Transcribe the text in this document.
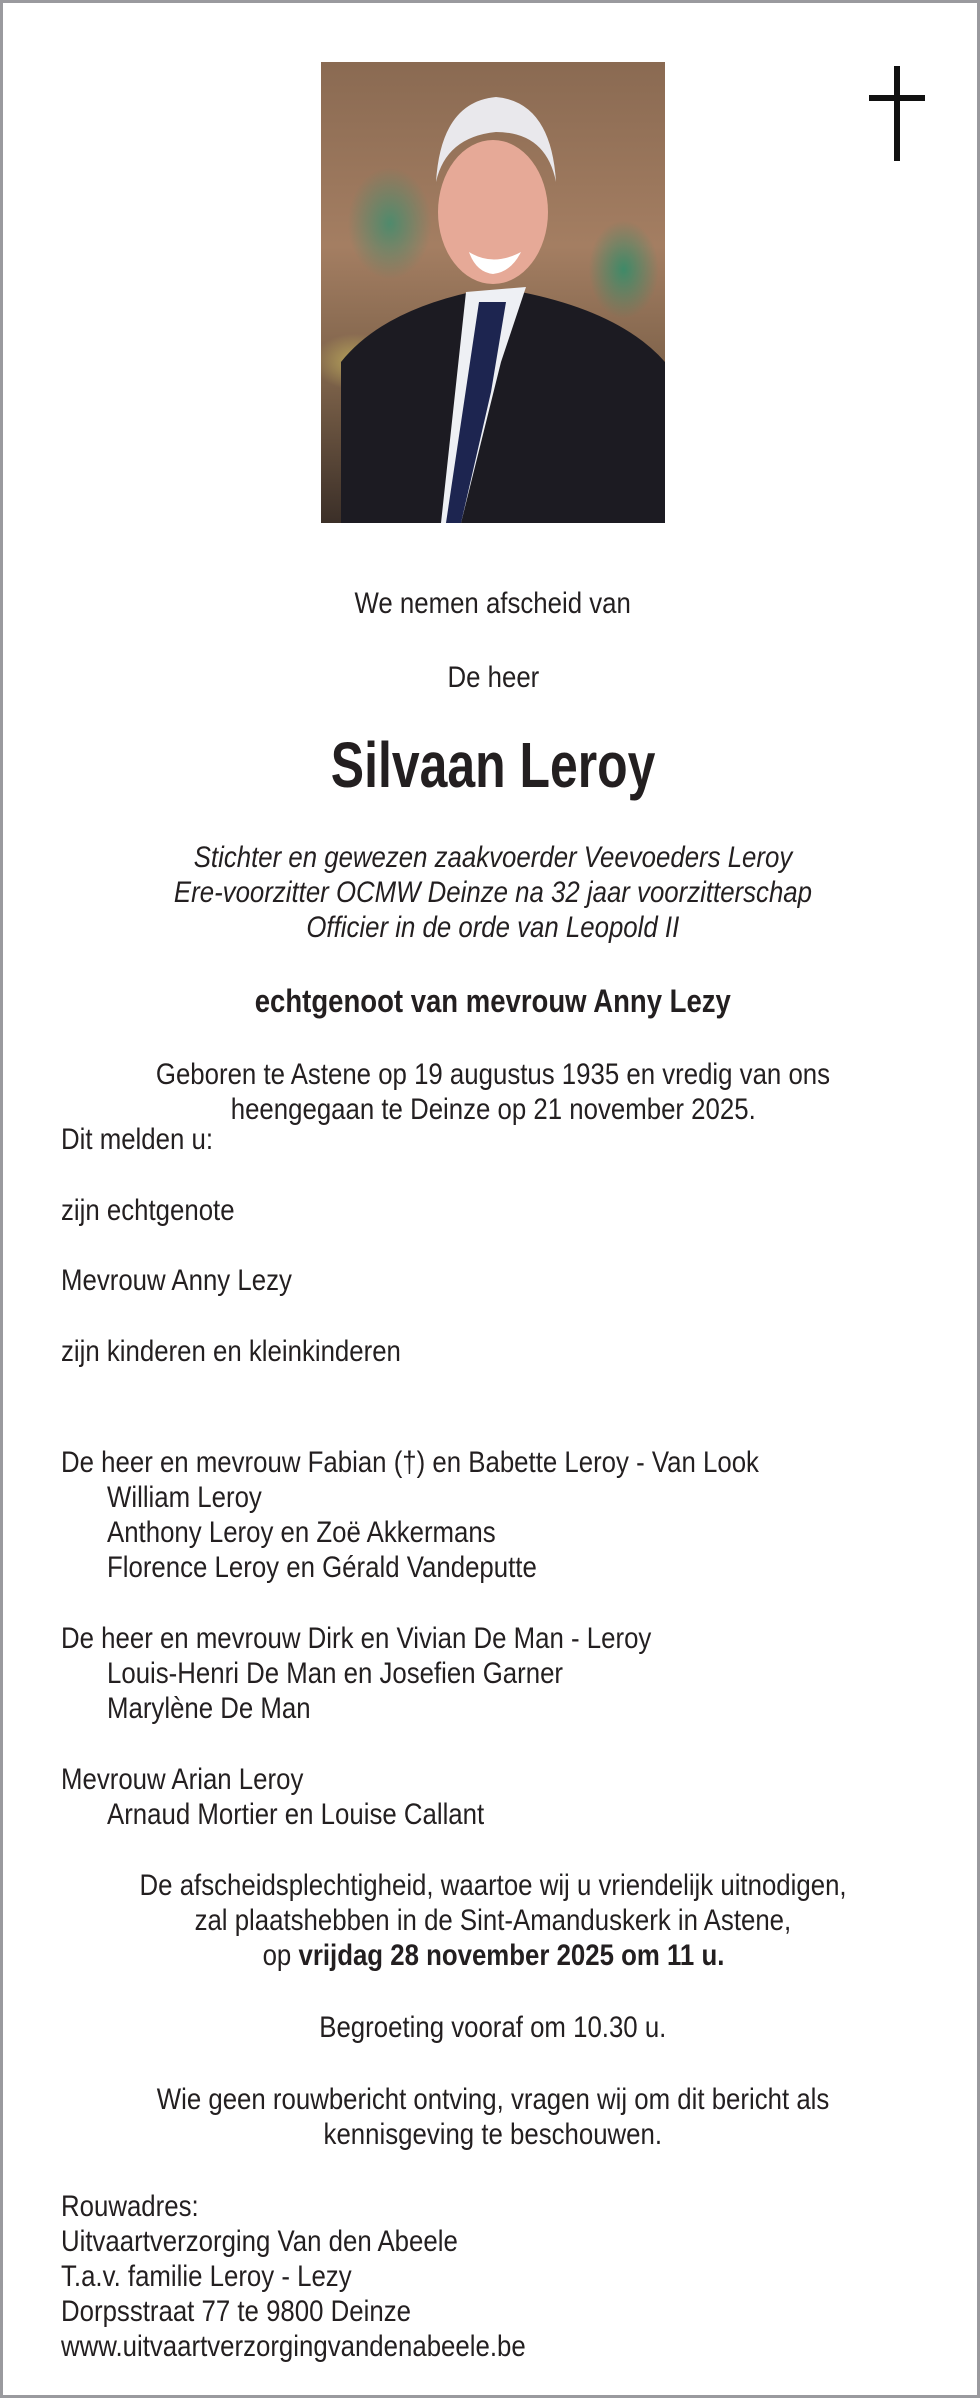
We nemen afscheid van
De heer
Silvaan Leroy
Stichter en gewezen zaakvoerder Veevoeders Leroy
Ere-voorzitter OCMW Deinze na 32 jaar voorzitterschap
Officier in de orde van Leopold II
echtgenoot van mevrouw Anny Lezy
Geboren te Astene op 19 augustus 1935 en vredig van ons
heengegaan te Deinze op 21 november 2025.
Dit melden u:
zijn echtgenote
Mevrouw Anny Lezy
zijn kinderen en kleinkinderen
De heer en mevrouw Fabian (†) en Babette Leroy - Van Look
William Leroy
Anthony Leroy en Zoë Akkermans
Florence Leroy en Gérald Vandeputte
De heer en mevrouw Dirk en Vivian De Man - Leroy
Louis-Henri De Man en Josefien Garner
Marylène De Man
Mevrouw Arian Leroy
Arnaud Mortier en Louise Callant
De afscheidsplechtigheid, waartoe wij u vriendelijk uitnodigen,
zal plaatshebben in de Sint-Amanduskerk in Astene,
op vrijdag 28 november 2025 om 11 u.
Begroeting vooraf om 10.30 u.
Wie geen rouwbericht ontving, vragen wij om dit bericht als
kennisgeving te beschouwen.
Rouwadres:
Uitvaartverzorging Van den Abeele
T.a.v. familie Leroy - Lezy
Dorpsstraat 77 te 9800 Deinze
www.uitvaartverzorgingvandenabeele.be
